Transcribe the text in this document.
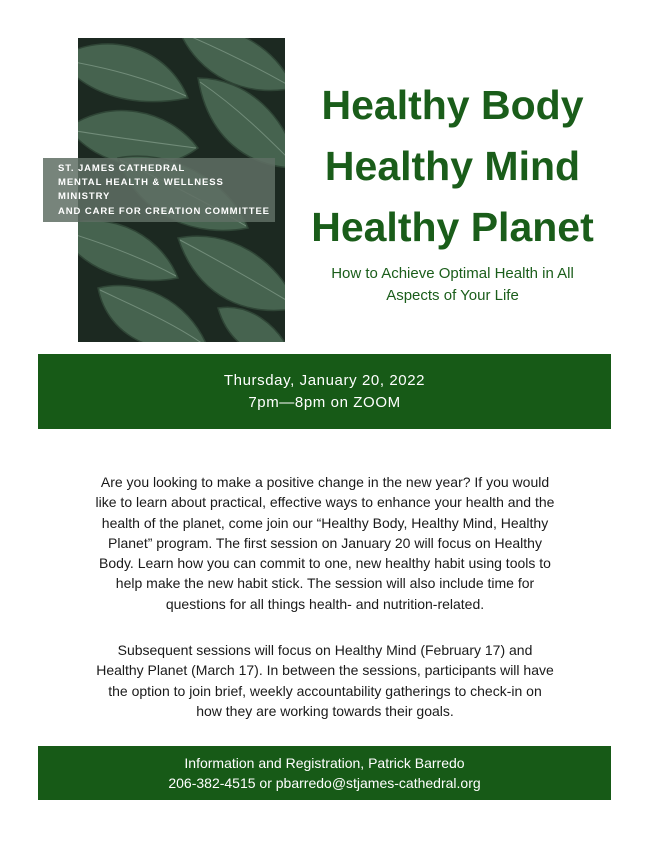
ST. JAMES CATHEDRAL
MENTAL HEALTH & WELLNESS
MINISTRY
AND CARE FOR CREATION COMMITTEE
Healthy Body
Healthy Mind
Healthy Planet
How to Achieve Optimal Health in All
Aspects of Your Life
Thursday, January 20, 2022
7pm—8pm on ZOOM
Are you looking to make a positive change in the new year? If you would
like to learn about practical, effective ways to enhance your health and the
health of the planet, come join our “Healthy Body, Healthy Mind, Healthy
Planet” program. The first session on January 20 will focus on Healthy
Body. Learn how you can commit to one, new healthy habit using tools to
help make the new habit stick. The session will also include time for
questions for all things health- and nutrition-related.
Subsequent sessions will focus on Healthy Mind (February 17) and
Healthy Planet (March 17). In between the sessions, participants will have
the option to join brief, weekly accountability gatherings to check-in on
how they are working towards their goals.
Information and Registration, Patrick Barredo
206-382-4515 or pbarredo@stjames-cathedral.org
